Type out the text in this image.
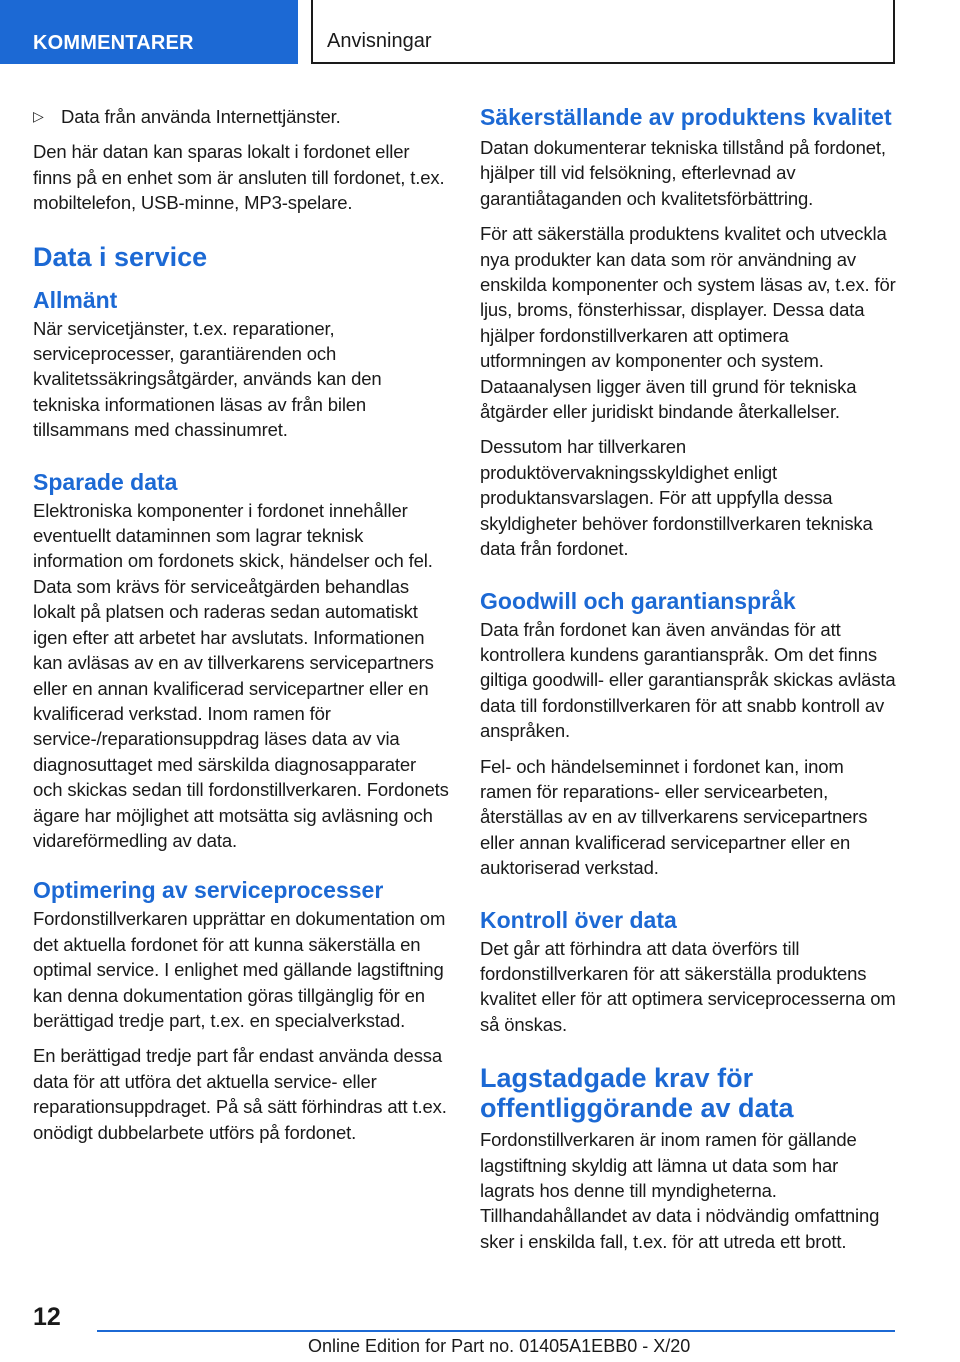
KOMMENTARER	Anvisningar
▷ Data från använda Internettjänster.

Den här datan kan sparas lokalt i fordonet eller finns på en enhet som är ansluten till fordonet, t.ex. mobiltelefon, USB-minne, MP3-spelare.

Data i service
Allmänt

När servicetjänster, t.ex. reparationer, serviceprocesser, garantiärenden och kvalitetssäkringsåtgärder, används kan den tekniska informationen läsas av från bilen tillsammans med chassinumret.

Sparade data

Elektroniska komponenter i fordonet innehåller eventuellt dataminnen som lagrar teknisk information om fordonets skick, händelser och fel. Data som krävs för serviceåtgärden behandlas lokalt på platsen och raderas sedan automatiskt igen efter att arbetet har avslutats. Informationen kan avläsas av en av tillverkarens servicepartners eller en annan kvalificerad servicepartner eller en kvalificerad verkstad. Inom ramen för service-/reparationsuppdrag läses data av via diagnosuttaget med särskilda diagnosapparater och skickas sedan till fordonstillverkaren. Fordonets ägare har möjlighet att motsätta sig avläsning och vidareförmedling av data.

Optimering av serviceprocesser

Fordonstillverkaren upprättar en dokumentation om det aktuella fordonet för att kunna säkerställa en optimal service. I enlighet med gällande lagstiftning kan denna dokumentation göras tillgänglig för en berättigad tredje part, t.ex. en specialverkstad.

En berättigad tredje part får endast använda dessa data för att utföra det aktuella service- eller reparationsuppdraget. På så sätt förhindras att t.ex. onödigt dubbelarbete utförs på fordonet.

Säkerställande av produktens kvalitet

Datan dokumenterar tekniska tillstånd på fordonet, hjälper till vid felsökning, efterlevnad av garantiåtaganden och kvalitetsförbättring.

För att säkerställa produktens kvalitet och utveckla nya produkter kan data som rör användning av enskilda komponenter och system läsas av, t.ex. för ljus, broms, fönsterhissar, displayer. Dessa data hjälper fordonstillverkaren att optimera utformningen av komponenter och system. Dataanalysen ligger även till grund för tekniska åtgärder eller juridiskt bindande återkallelser.

Dessutom har tillverkaren produktövervakningsskyldighet enligt produktansvarslagen. För att uppfylla dessa skyldigheter behöver fordonstillverkaren tekniska data från fordonet.

Goodwill och garantianspråk

Data från fordonet kan även användas för att kontrollera kundens garantianspråk. Om det finns giltiga goodwill- eller garantianspråk skickas avlästa data till fordonstillverkaren för att snabb kontroll av anspråken.

Fel- och händelseminnet i fordonet kan, inom ramen för reparations- eller servicearbeten, återställas av en av tillverkarens servicepartners eller annan kvalificerad servicepartner eller en auktoriserad verkstad.

Kontroll över data

Det går att förhindra att data överförs till fordonstillverkaren för att säkerställa produktens kvalitet eller för att optimera serviceprocesserna om så önskas.

Lagstadgade krav för offentliggörande av data

Fordonstillverkaren är inom ramen för gällande lagstiftning skyldig att lämna ut data som har lagrats hos denne till myndigheterna. Tillhandahållandet av data i nödvändig omfattning sker i enskilda fall, t.ex. för att utreda ett brott.

12
Online Edition for Part no. 01405A1EBB0 - X/20
